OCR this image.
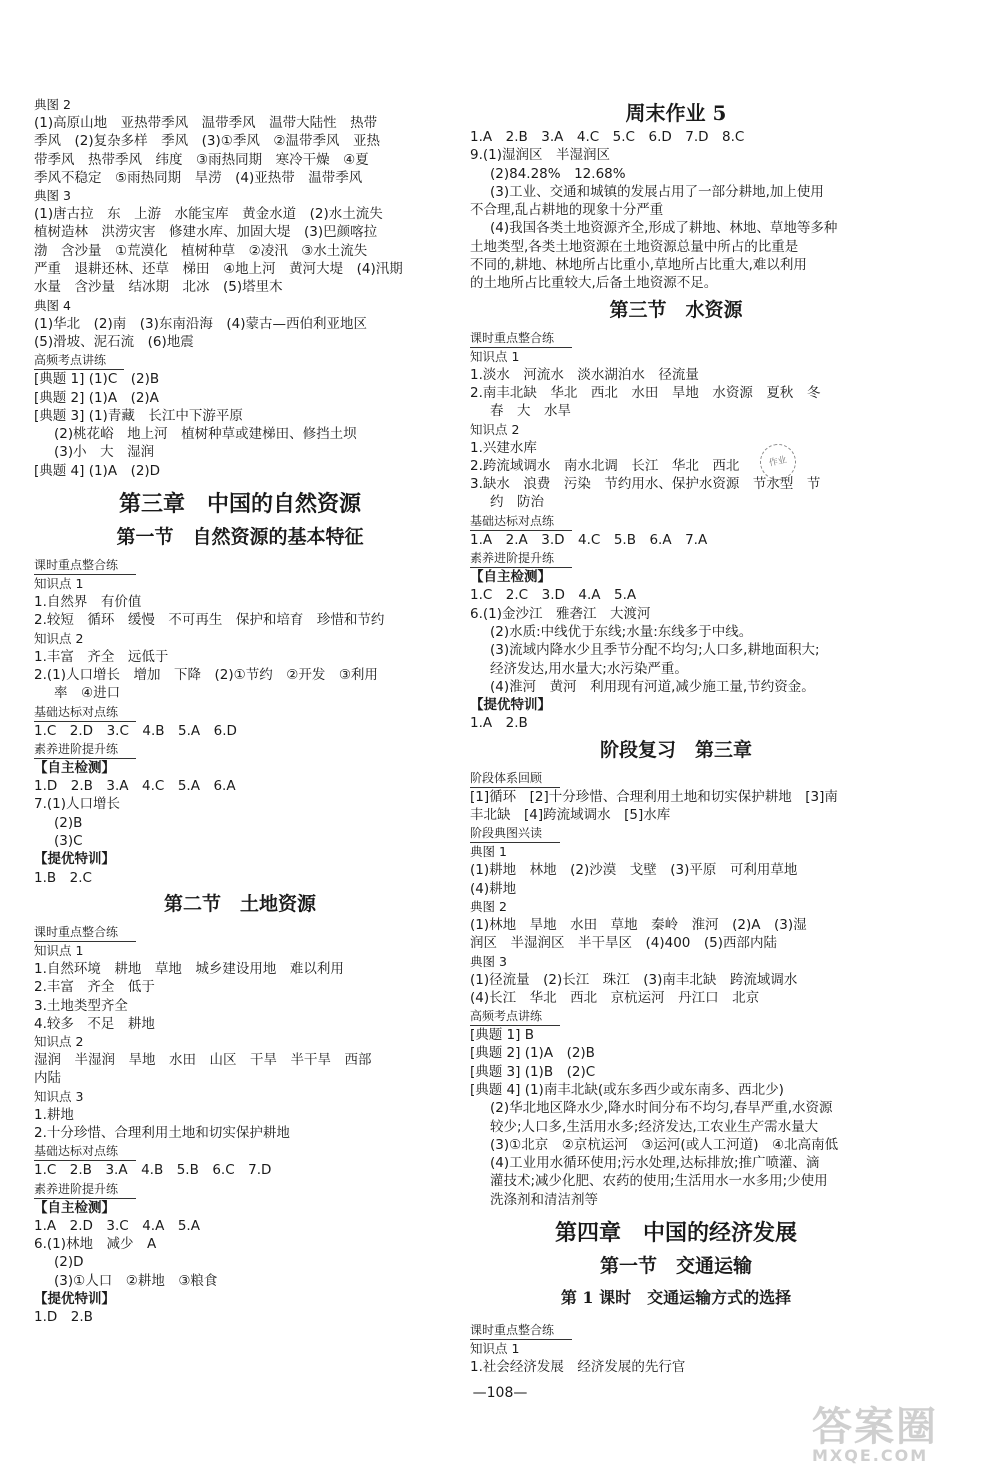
典图 2
(1)高原山地　亚热带季风　温带季风　温带大陆性　热带
季风　(2)复杂多样　季风　(3)①季风　②温带季风　亚热
带季风　热带季风　纬度　③雨热同期　寒冷干燥　④夏
季风不稳定　⑤雨热同期　旱涝　(4)亚热带　温带季风
典图 3
(1)唐古拉　东　上游　水能宝库　黄金水道　(2)水土流失
植树造林　洪涝灾害　修建水库、加固大堤　(3)巴颜喀拉
渤　含沙量　①荒漠化　植树种草　②凌汛　③水土流失
严重　退耕还林、还草　梯田　④地上河　黄河大堤　(4)汛期
水量　含沙量　结冰期　北冰　(5)塔里木
典图 4
(1)华北　(2)南　(3)东南沿海　(4)蒙古—西伯利亚地区
(5)滑坡、泥石流　(6)地震
高频考点讲练
[典题 1] (1)C　(2)B
[典题 2] (1)A　(2)A
[典题 3] (1)青藏　长江中下游平原
(2)桃花峪　地上河　植树种草或建梯田、修挡土坝
(3)小　大　湿润
[典题 4] (1)A　(2)D
第三章　中国的自然资源
第一节　自然资源的基本特征
课时重点整合练
知识点 1
1.自然界　有价值
2.较短　循环　缓慢　不可再生　保护和培育　珍惜和节约
知识点 2
1.丰富　齐全　远低于
2.(1)人口增长　增加　下降　(2)①节约　②开发　③利用
率　④进口
基础达标对点练
1.C　2.D　3.C　4.B　5.A　6.D
素养进阶提升练
【自主检测】
1.D　2.B　3.A　4.C　5.A　6.A
7.(1)人口增长
(2)B
(3)C
【提优特训】
1.B　2.C
第二节　土地资源
课时重点整合练
知识点 1
1.自然环境　耕地　草地　城乡建设用地　难以利用
2.丰富　齐全　低于
3.土地类型齐全
4.较多　不足　耕地
知识点 2
湿润　半湿润　旱地　水田　山区　干旱　半干旱　西部
内陆
知识点 3
1.耕地
2.十分珍惜、合理利用土地和切实保护耕地
基础达标对点练
1.C　2.B　3.A　4.B　5.B　6.C　7.D
素养进阶提升练
【自主检测】
1.A　2.D　3.C　4.A　5.A
6.(1)林地　减少　A
(2)D
(3)①人口　②耕地　③粮食
【提优特训】
1.D　2.B
周末作业 5
1.A　2.B　3.A　4.C　5.C　6.D　7.D　8.C
9.(1)湿润区　半湿润区
(2)84.28%　12.68%
(3)工业、交通和城镇的发展占用了一部分耕地,加上使用
不合理,乱占耕地的现象十分严重
(4)我国各类土地资源齐全,形成了耕地、林地、草地等多种
土地类型,各类土地资源在土地资源总量中所占的比重是
不同的,耕地、林地所占比重小,草地所占比重大,难以利用
的土地所占比重较大,后备土地资源不足。
第三节　水资源
课时重点整合练
知识点 1
1.淡水　河流水　淡水湖泊水　径流量
2.南丰北缺　华北　西北　水田　旱地　水资源　夏秋　冬
春　大　水旱
知识点 2
1.兴建水库
2.跨流域调水　南水北调　长江　华北　西北
3.缺水　浪费　污染　节约用水、保护水资源　节水型　节
约　防治
基础达标对点练
1.A　2.A　3.D　4.C　5.B　6.A　7.A
素养进阶提升练
【自主检测】
1.C　2.C　3.D　4.A　5.A
6.(1)金沙江　雅砻江　大渡河
(2)水质:中线优于东线;水量:东线多于中线。
(3)流域内降水少且季节分配不均匀;人口多,耕地面积大;
经济发达,用水量大;水污染严重。
(4)淮河　黄河　利用现有河道,减少施工量,节约资金。
【提优特训】
1.A　2.B
阶段复习　第三章
阶段体系回顾
[1]循环　[2]十分珍惜、合理利用土地和切实保护耕地　[3]南
丰北缺　[4]跨流域调水　[5]水库
阶段典图兴读
典图 1
(1)耕地　林地　(2)沙漠　戈壁　(3)平原　可利用草地
(4)耕地
典图 2
(1)林地　旱地　水田　草地　秦岭　淮河　(2)A　(3)湿
润区　半湿润区　半干旱区　(4)400　(5)西部内陆
典图 3
(1)径流量　(2)长江　珠江　(3)南丰北缺　跨流域调水
(4)长江　华北　西北　京杭运河　丹江口　北京
高频考点讲练
[典题 1] B
[典题 2] (1)A　(2)B
[典题 3] (1)B　(2)C
[典题 4] (1)南丰北缺(或东多西少或东南多、西北少)
(2)华北地区降水少,降水时间分布不均匀,春旱严重,水资源
较少;人口多,生活用水多;经济发达,工农业生产需水量大
(3)①北京　②京杭运河　③运河(或人工河道)　④北高南低
(4)工业用水循环使用;污水处理,达标排放;推广喷灌、滴
灌技术;减少化肥、农药的使用;生活用水一水多用;少使用
洗涤剂和清洁剂等
第四章　中国的经济发展
第一节　交通运输
第 1 课时　交通运输方式的选择
课时重点整合练
知识点 1
1.社会经济发展　经济发展的先行官
作业
—108—
答案圈
MXQE.COM
